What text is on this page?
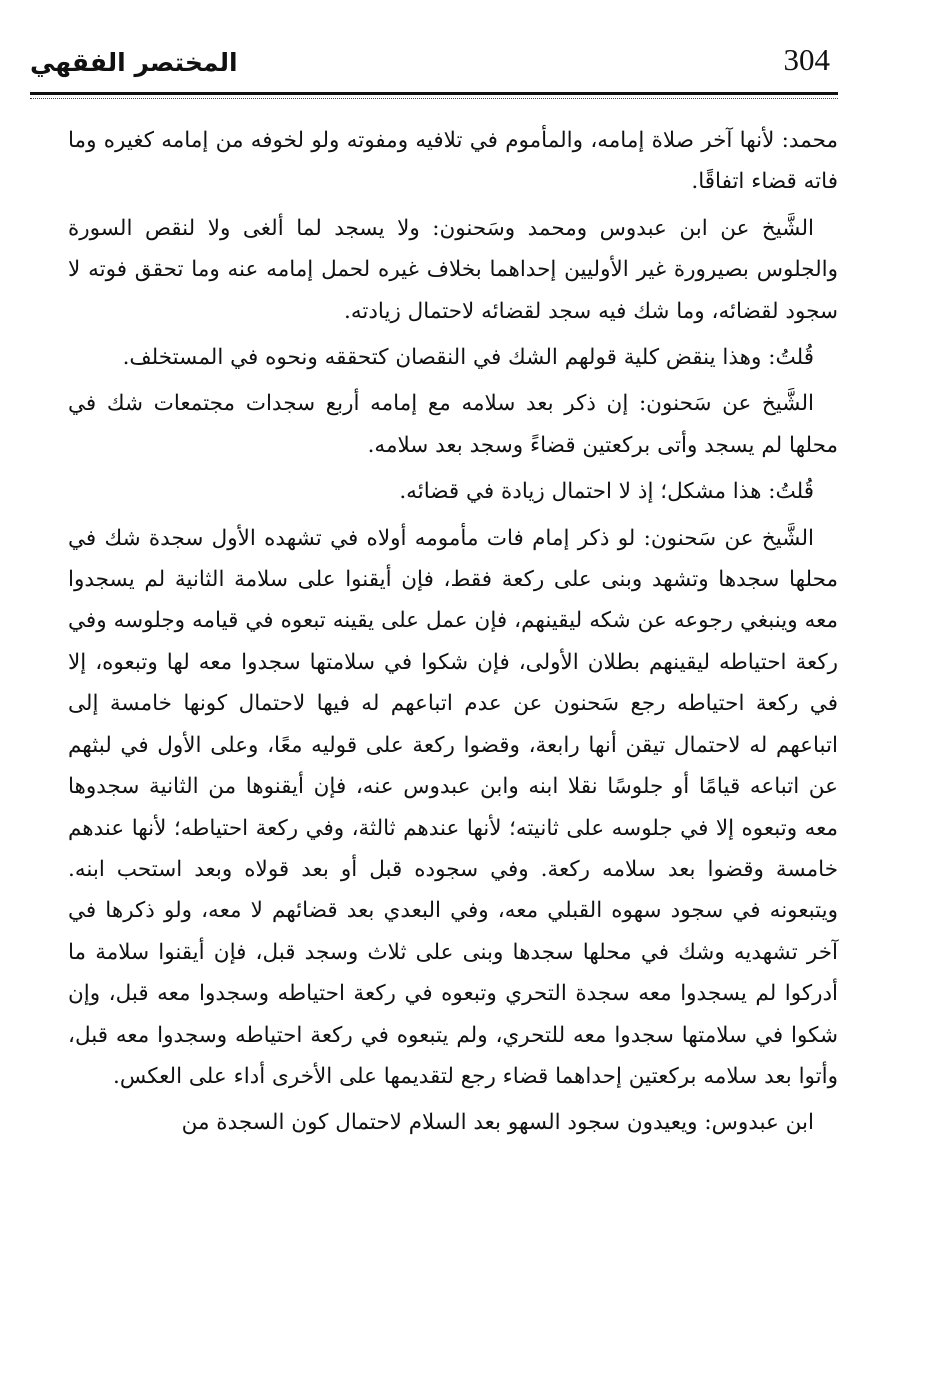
304
المختصر الفقهي

محمد: لأنها آخر صلاة إمامه، والمأموم في تلافيه ومفوته ولو لخوفه من إمامه كغيره وما فاته قضاء اتفاقًا.

الشَّيخ عن ابن عبدوس ومحمد وسَحنون: ولا يسجد لما ألغى ولا لنقص السورة والجلوس بصيرورة غير الأوليين إحداهما بخلاف غيره لحمل إمامه عنه وما تحقق فوته لا سجود لقضائه، وما شك فيه سجد لقضائه لاحتمال زيادته.

قُلتُ: وهذا ينقض كلية قولهم الشك في النقصان كتحققه ونحوه في المستخلف.

الشَّيخ عن سَحنون: إن ذكر بعد سلامه مع إمامه أربع سجدات مجتمعات شك في محلها لم يسجد وأتى بركعتين قضاءً وسجد بعد سلامه.

قُلتُ: هذا مشكل؛ إذ لا احتمال زيادة في قضائه.

الشَّيخ عن سَحنون: لو ذكر إمام فات مأمومه أولاه في تشهده الأول سجدة شك في محلها سجدها وتشهد وبنى على ركعة فقط، فإن أيقنوا على سلامة الثانية لم يسجدوا معه وينبغي رجوعه عن شكه ليقينهم، فإن عمل على يقينه تبعوه في قيامه وجلوسه وفي ركعة احتياطه ليقينهم بطلان الأولى، فإن شكوا في سلامتها سجدوا معه لها وتبعوه، إلا في ركعة احتياطه رجع سَحنون عن عدم اتباعهم له فيها لاحتمال كونها خامسة إلى اتباعهم له لاحتمال تيقن أنها رابعة، وقضوا ركعة على قوليه معًا، وعلى الأول في لبثهم عن اتباعه قيامًا أو جلوسًا نقلا ابنه وابن عبدوس عنه، فإن أيقنوها من الثانية سجدوها معه وتبعوه إلا في جلوسه على ثانيته؛ لأنها عندهم ثالثة، وفي ركعة احتياطه؛ لأنها عندهم خامسة وقضوا بعد سلامه ركعة. وفي سجوده قبل أو بعد قولاه وبعد استحب ابنه. ويتبعونه في سجود سهوه القبلي معه، وفي البعدي بعد قضائهم لا معه، ولو ذكرها في آخر تشهديه وشك في محلها سجدها وبنى على ثلاث وسجد قبل، فإن أيقنوا سلامة ما أدركوا لم يسجدوا معه سجدة التحري وتبعوه في ركعة احتياطه وسجدوا معه قبل، وإن شكوا في سلامتها سجدوا معه للتحري، ولم يتبعوه في ركعة احتياطه وسجدوا معه قبل، وأتوا بعد سلامه بركعتين إحداهما قضاء رجع لتقديمها على الأخرى أداء على العكس.

ابن عبدوس: ويعيدون سجود السهو بعد السلام لاحتمال كون السجدة من
